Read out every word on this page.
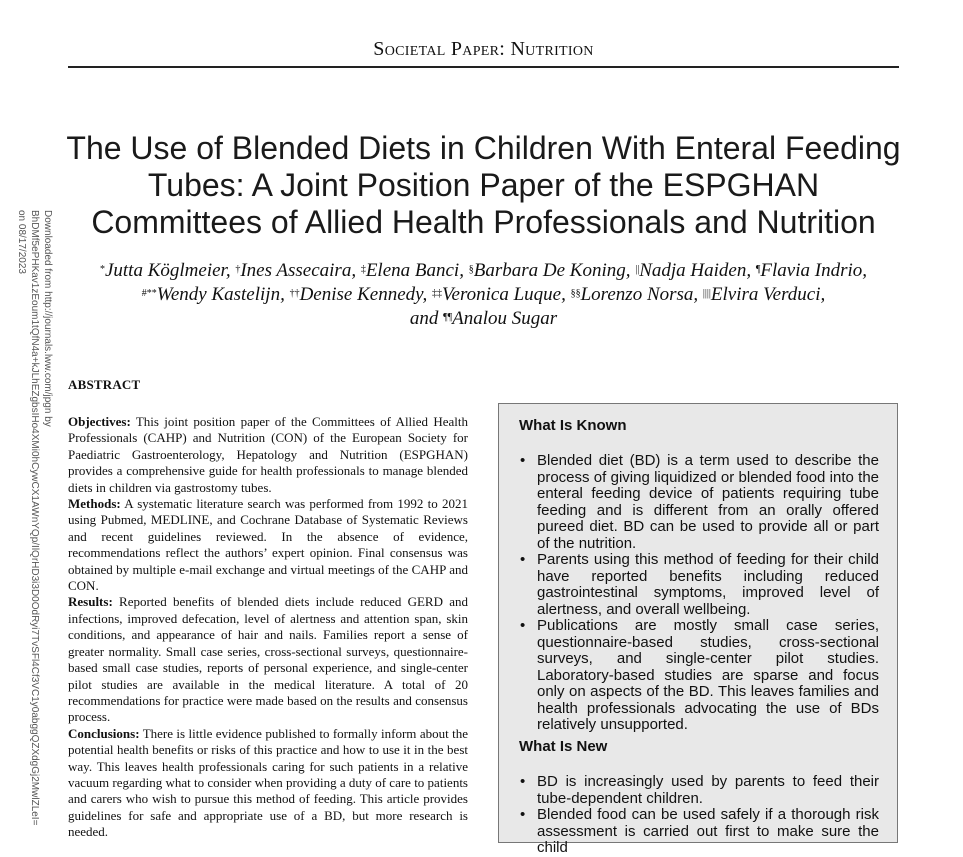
Downloaded from http://journals.lww.com/jpgn by BhDMf5ePHKav1zEoum1tQfN4a+kJLhEZgbsIHo4XMi0hCywCX1AWnYQp/IlQrHD3i3D0OdRyi7TvSFl4Cf3VC1y0abggQZXdgGj2MwlZLeI= on 08/17/2023
Societal Paper: Nutrition
The Use of Blended Diets in Children With Enteral Feeding Tubes: A Joint Position Paper of the ESPGHAN Committees of Allied Health Professionals and Nutrition
*Jutta Köglmeier, †Ines Assecaira, ‡Elena Banci, §Barbara De Koning, ||Nadja Haiden, ¶Flavia Indrio,
#**Wendy Kastelijn, ††Denise Kennedy, ‡‡Veronica Luque, §§Lorenzo Norsa, ||||Elvira Verduci,
and ¶¶Analou Sugar
ABSTRACT

Objectives: This joint position paper of the Committees of Allied Health Professionals (CAHP) and Nutrition (CON) of the European Society for Paediatric Gastroenterology, Hepatology and Nutrition (ESPGHAN) provides a comprehensive guide for health professionals to manage blended diets in children via gastrostomy tubes.

Methods: A systematic literature search was performed from 1992 to 2021 using Pubmed, MEDLINE, and Cochrane Database of Systematic Reviews and recent guidelines reviewed. In the absence of evidence, recommendations reflect the authors’ expert opinion. Final consensus was obtained by multiple e-mail exchange and virtual meetings of the CAHP and CON.

Results: Reported benefits of blended diets include reduced GERD and infections, improved defecation, level of alertness and attention span, skin conditions, and appearance of hair and nails. Families report a sense of greater normality. Small case series, cross-sectional surveys, questionnaire-based small case studies, reports of personal experience, and single-center pilot studies are available in the medical literature. A total of 20 recommendations for practice were made based on the results and consensus process.

Conclusions: There is little evidence published to formally inform about the potential health benefits or risks of this practice and how to use it in the best way. This leaves health professionals caring for such patients in a relative vacuum regarding what to consider when providing a duty of care to patients and carers who wish to pursue this method of feeding. This article provides guidelines for safe and appropriate use of a BD, but more research is needed.

What Is Known
• Blended diet (BD) is a term used to describe the process of giving liquidized or blended food into the enteral feeding device of patients requiring tube feeding and is different from an orally offered pureed diet. BD can be used to provide all or part of the nutrition.
• Parents using this method of feeding for their child have reported benefits including reduced gastrointestinal symptoms, improved level of alertness, and overall wellbeing.
• Publications are mostly small case series, questionnaire-based studies, cross-sectional surveys, and single-center pilot studies. Laboratory-based studies are sparse and focus only on aspects of the BD. This leaves families and health professionals advocating the use of BDs relatively unsupported.
What Is New
• BD is increasingly used by parents to feed their tube-dependent children.
• Blended food can be used safely if a thorough risk assessment is carried out first to make sure the child
